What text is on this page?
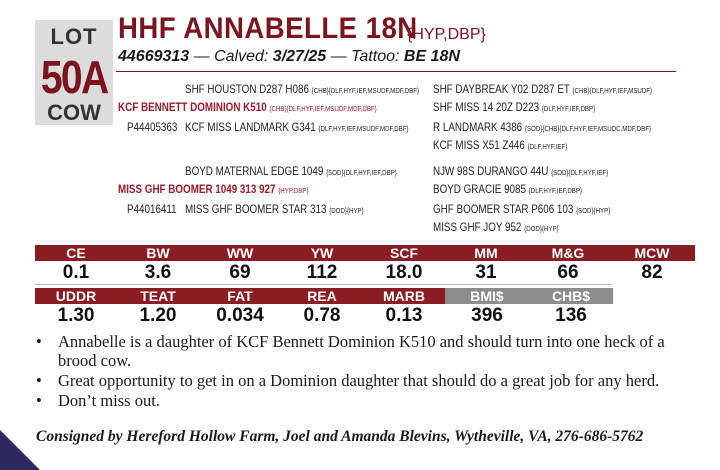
LOT
50A
COW
HHF ANNABELLE 18N
{HYP,DBP}
44669313 — Calved: 3/27/25 — Tattoo: BE 18N
SHF HOUSTON D287 H086 {CHB}{DLF,HYF,IEF,MSUDF,MDF,DBF}
KCF BENNETT DOMINION K510 {CHB}{DLF,HYF,IEF,MSUDF,MDF,DBF}
P44405363 KCF MISS LANDMARK G341 {DLF,HYF,IEF,MSUDF,MDF,DBF}
SHF DAYBREAK Y02 D287 ET {CHB}{DLF,HYF,IEF,MSUDF}
SHF MISS 14 20Z D223 {DLF,HYF,IEF,DBP}
R LANDMARK 4386 {SOD}{CHB}{DLF,HYF,IEF,MSUDC,MDF,DBF}
KCF MISS X51 Z446 {DLF,HYF,IEF}
BOYD MATERNAL EDGE 1049 {SOD}{DLF,HYF,IEF,DBP}
MISS GHF BOOMER 1049 313 927 {HYP,DBP}
P44016411 MISS GHF BOOMER STAR 313 {DOD}{HYP}
NJW 98S DURANGO 44U {SOD}{DLF,HYF,IEF}
BOYD GRACIE 9085 {DLF,HYF,IEF,DBP}
GHF BOOMER STAR P606 103 {SOD}{HYP}
MISS GHF JOY 952 {DOD}{HYP}
CE	BW	WW	YW	SCF	MM	M&G	MCW
0.1	3.6	69	112	18.0	31	66	82
UDDR	TEAT	FAT	REA	MARB	BMI$	CHB$
1.30	1.20	0.034	0.78	0.13	396	136
• Annabelle is a daughter of KCF Bennett Dominion K510 and should turn into one heck of a brood cow.
• Great opportunity to get in on a Dominion daughter that should do a great job for any herd.
• Don’t miss out.
Consigned by Hereford Hollow Farm, Joel and Amanda Blevins, Wytheville, VA, 276-686-5762
